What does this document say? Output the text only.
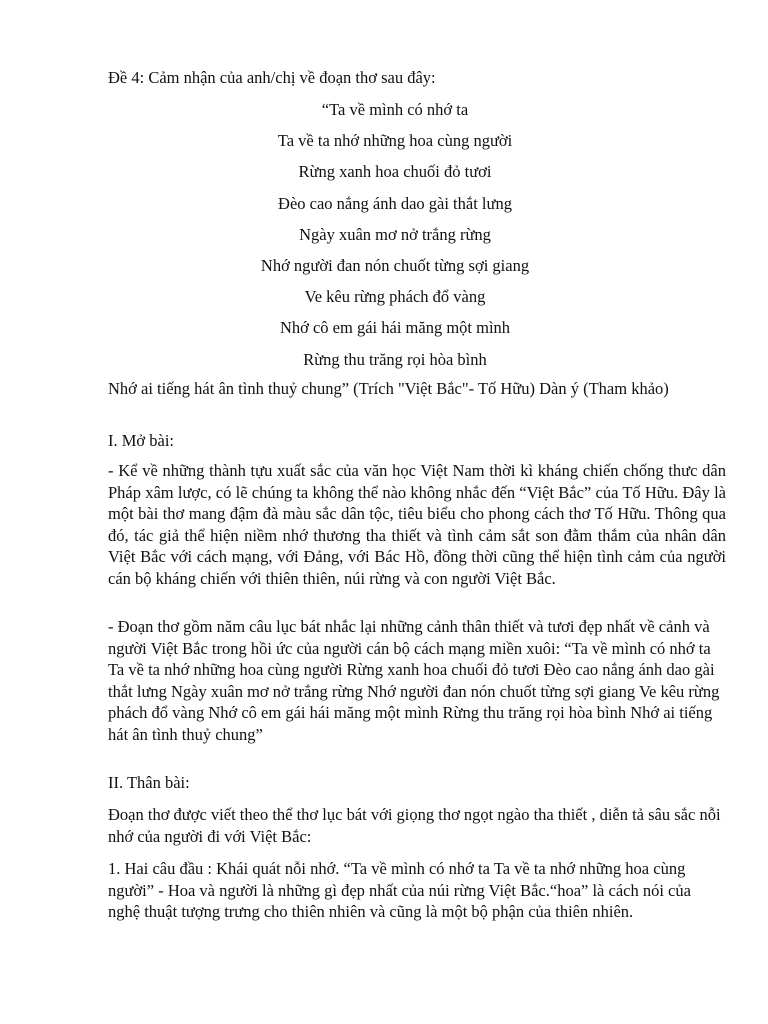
Đề 4: Cảm nhận của anh/chị về đoạn thơ sau đây:
“Ta về mình có nhớ ta
Ta về ta nhớ những hoa cùng người
Rừng xanh hoa chuối đỏ tươi
Đèo cao nắng ánh dao gài thắt lưng
Ngày xuân mơ nở trắng rừng
Nhớ người đan nón chuốt từng sợi giang
Ve kêu rừng phách đổ vàng
Nhớ cô em gái hái măng một mình
Rừng thu trăng rọi hòa bình

Nhớ ai tiếng hát ân tình thuỷ chung” (Trích "Việt Bắc"- Tố Hữu) Dàn ý (Tham khảo)

I. Mở bài:

- Kể về những thành tựu xuất sắc của văn học Việt Nam thời kì kháng chiến chống thưc dân Pháp xâm lược, có lẽ chúng ta không thể nào không nhắc đến “Việt Bắc” của Tố Hữu. Đây là một bài thơ mang đậm đà màu sắc dân tộc, tiêu biểu cho phong cách thơ Tố Hữu. Thông qua đó, tác giả thể hiện niềm nhớ thương tha thiết và tình cảm sắt son đằm thắm của nhân dân Việt Bắc với cách mạng, với Đảng, với Bác Hồ, đồng thời cũng thể hiện tình cảm của người cán bộ kháng chiến với thiên thiên, núi rừng và con người Việt Bắc.

- Đoạn thơ gồm năm câu lục bát nhắc lại những cảnh thân thiết và tươi đẹp nhất về cảnh và người Việt Bắc trong hồi ức của người cán bộ cách mạng miền xuôi: “Ta về mình có nhớ ta Ta về ta nhớ những hoa cùng người Rừng xanh hoa chuối đỏ tươi Đèo cao nắng ánh dao gài thắt lưng Ngày xuân mơ nở trắng rừng Nhớ người đan nón chuốt từng sợi giang Ve kêu rừng phách đổ vàng Nhớ cô em gái hái măng một mình Rừng thu trăng rọi hòa bình Nhớ ai tiếng hát ân tình thuỷ chung”

II. Thân bài:

Đoạn thơ được viết theo thể thơ lục bát với giọng thơ ngọt ngào tha thiết , diễn tả sâu sắc nỗi nhớ của người đi với Việt Bắc:

1. Hai câu đầu : Khái quát nỗi nhớ. “Ta về mình có nhớ ta Ta về ta nhớ những hoa cùng người” - Hoa và người là những gì đẹp nhất của núi rừng Việt Bắc.“hoa” là cách nói của nghệ thuật tượng trưng cho thiên nhiên và cũng là một bộ phận của thiên nhiên.
